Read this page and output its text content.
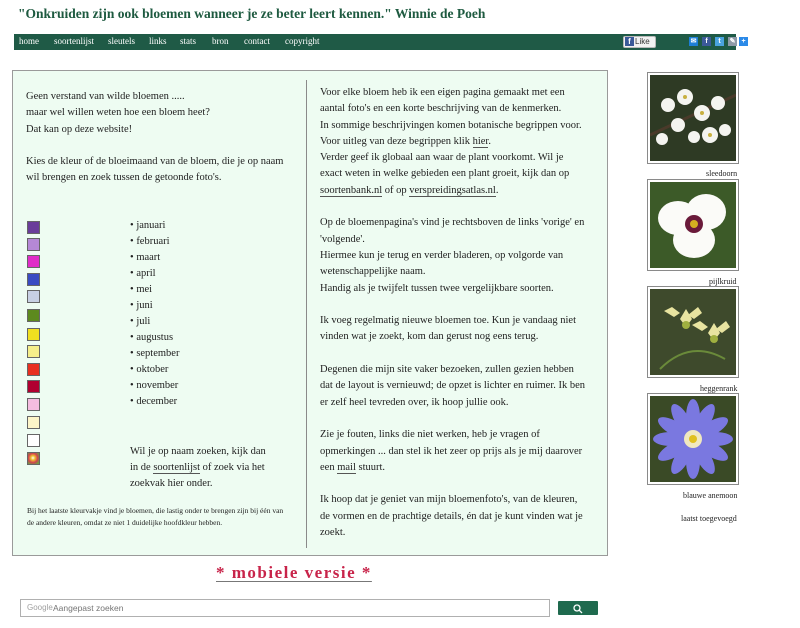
"Onkruiden zijn ook bloemen wanneer je ze beter leert kennen." Winnie de Poeh
home soortenlijst sleutels links stats bron contact copyright	f Like	✉	f	t	✎ +

Geen verstand van wilde bloemen .....

maar wel willen weten hoe een bloem heet?

Dat kan op deze website!

Kies de kleur of de bloeimaand van de bloem, die je op naam

wil brengen en zoek tussen de getoonde foto's.

• januari
• februari
• maart
• april
• mei
• juni
• juli
• augustus
• september
• oktober
• november
• december

Wil je op naam zoeken, kijk dan

in de soortenlijst of zoek via het

zoekvak hier onder.

Bij het laatste kleurvakje vind je bloemen, die lastig onder te brengen zijn bij één van de andere kleuren, omdat ze niet 1 duidelijke hoofdkleur hebben.

Voor elke bloem heb ik een eigen pagina gemaakt met een

aantal foto's en een korte beschrijving van de kenmerken.

In sommige beschrijvingen komen botanische begrippen voor.

Voor uitleg van deze begrippen klik hier.

Verder geef ik globaal aan waar de plant voorkomt. Wil je

exact weten in welke gebieden een plant groeit, kijk dan op

soortenbank.nl of op verspreidingsatlas.nl.

Op de bloemenpagina's vind je rechtsboven de links 'vorige' en

'volgende'.

Hiermee kun je terug en verder bladeren, op volgorde van

wetenschappelijke naam.

Handig als je twijfelt tussen twee vergelijkbare soorten.

Ik voeg regelmatig nieuwe bloemen toe. Kun je vandaag niet

vinden wat je zoekt, kom dan gerust nog eens terug.

Degenen die mijn site vaker bezoeken, zullen gezien hebben

dat de layout is vernieuwd; de opzet is lichter en ruimer. Ik ben

er zelf heel tevreden over, ik hoop jullie ook.

Zie je fouten, links die niet werken, heb je vragen of

opmerkingen ... dan stel ik het zeer op prijs als je mij daarover

een mail stuurt.

Ik hoop dat je geniet van mijn bloemenfoto's, van de kleuren,

de vormen en de prachtige details, én dat je kunt vinden wat je

zoekt.

sleedoorn
pijlkruid
heggenrank
blauwe anemoon
laatst toegevoegd
* mobiele versie *
Google
Aangepast zoeken
